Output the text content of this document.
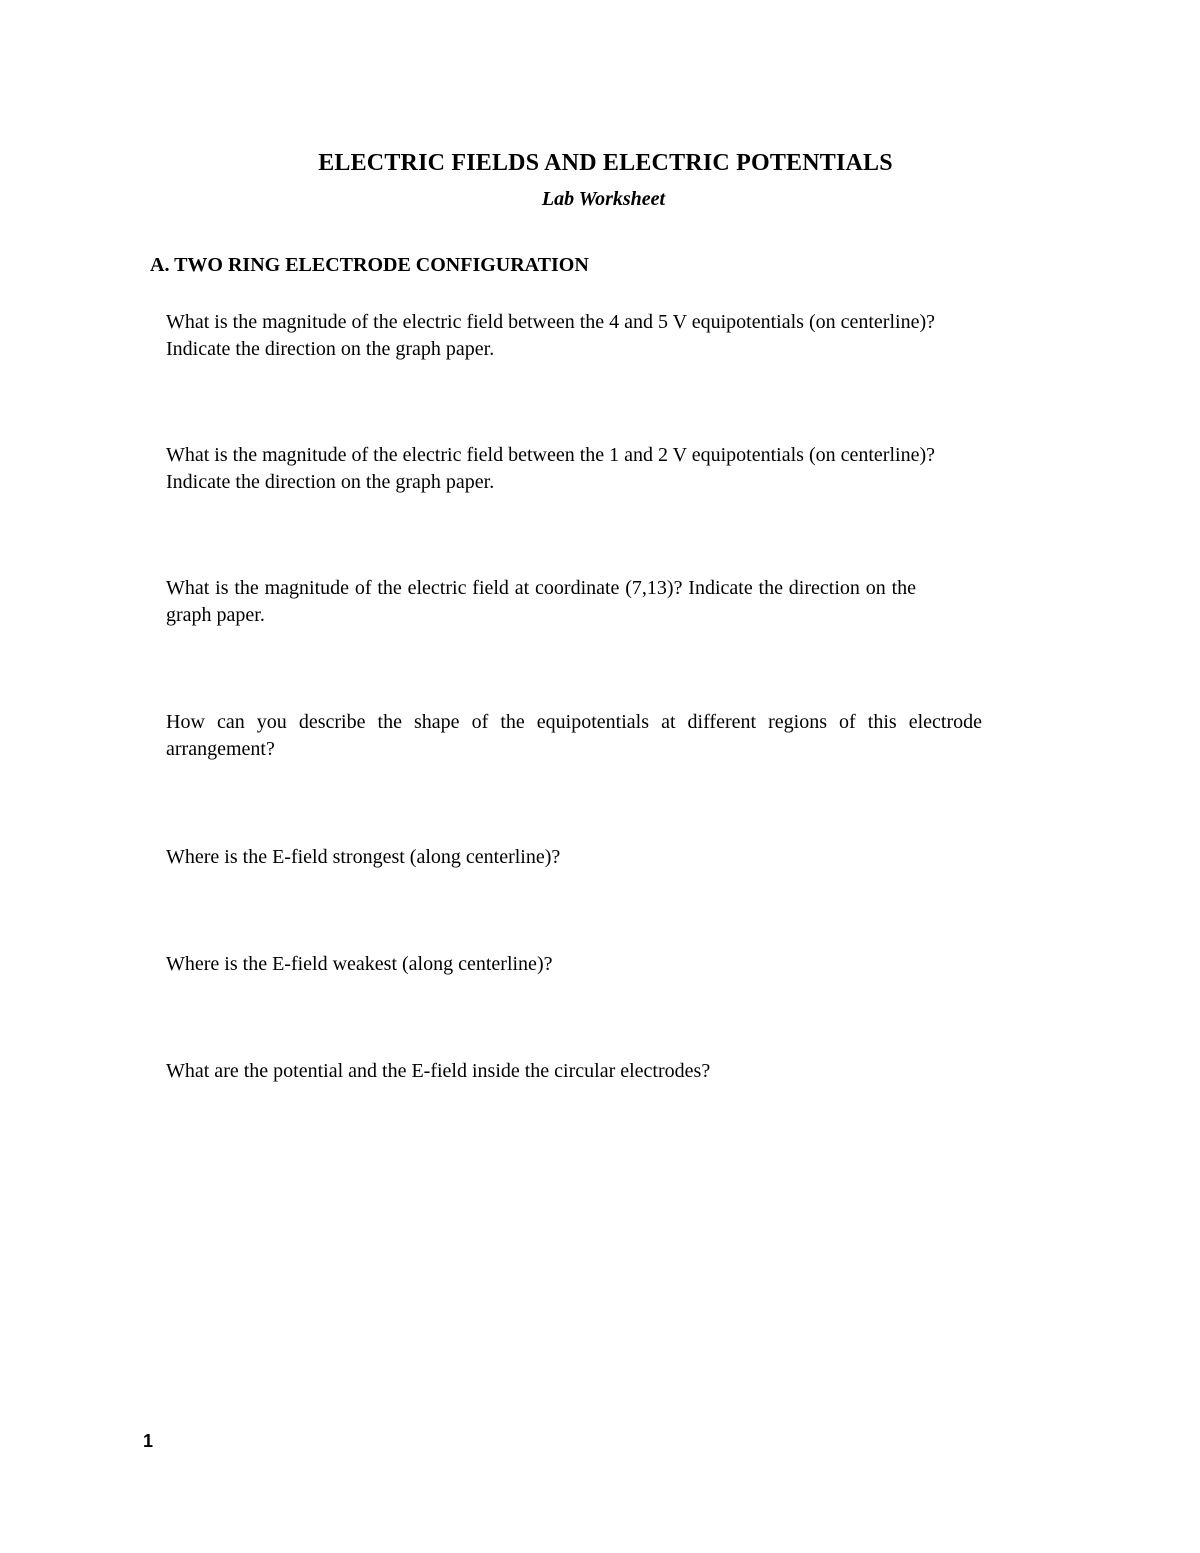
ELECTRIC FIELDS AND ELECTRIC POTENTIALS
Lab Worksheet
A. TWO RING ELECTRODE CONFIGURATION
What is the magnitude of the electric field between the 4 and 5 V equipotentials (on centerline)? Indicate the direction on the graph paper.
What is the magnitude of the electric field between the 1 and 2 V equipotentials (on centerline)? Indicate the direction on the graph paper.
What is the magnitude of the electric field at coordinate (7,13)? Indicate the direction on the graph paper.
How can you describe the shape of the equipotentials at different regions of this electrode arrangement?
Where is the E-field strongest (along centerline)?
Where is the E-field weakest (along centerline)?
What are the potential and the E-field inside the circular electrodes?
1
